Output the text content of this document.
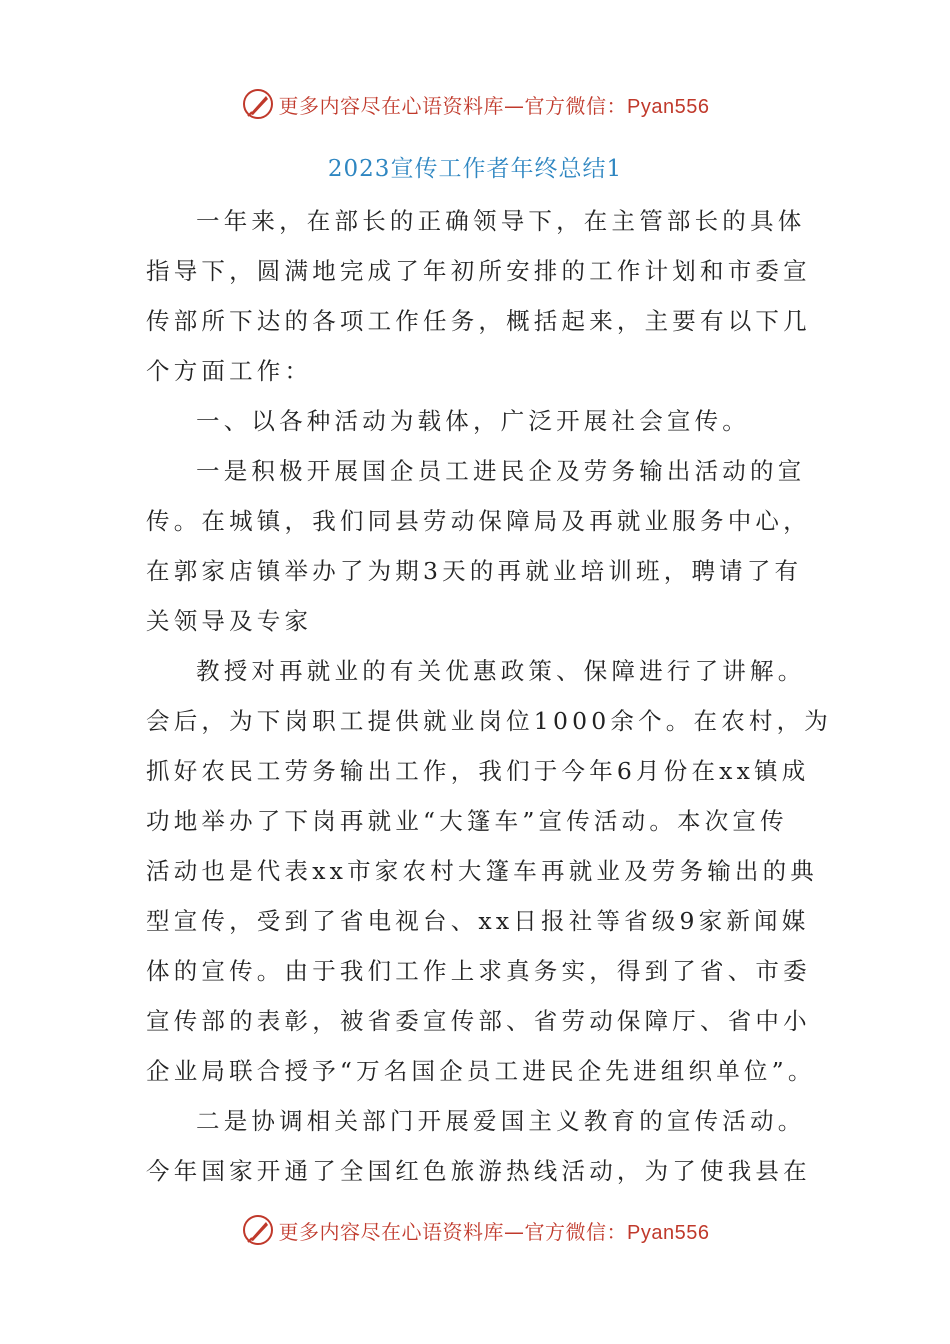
更多内容尽在心语资料库—官方微信：Pyan556
2023宣传工作者年终总结1
一年来，在部长的正确领导下，在主管部长的具体
指导下，圆满地完成了年初所安排的工作计划和市委宣
传部所下达的各项工作任务，概括起来，主要有以下几
个方面工作：
一、以各种活动为载体，广泛开展社会宣传。
一是积极开展国企员工进民企及劳务输出活动的宣
传。在城镇，我们同县劳动保障局及再就业服务中心，
在郭家店镇举办了为期3天的再就业培训班，聘请了有
关领导及专家
教授对再就业的有关优惠政策、保障进行了讲解。
会后，为下岗职工提供就业岗位1000余个。在农村，为
抓好农民工劳务输出工作，我们于今年6月份在xx镇成
功地举办了下岗再就业“大篷车”宣传活动。本次宣传
活动也是代表xx市家农村大篷车再就业及劳务输出的典
型宣传，受到了省电视台、xx日报社等省级9家新闻媒
体的宣传。由于我们工作上求真务实，得到了省、市委
宣传部的表彰，被省委宣传部、省劳动保障厅、省中小
企业局联合授予“万名国企员工进民企先进组织单位”。
二是协调相关部门开展爱国主义教育的宣传活动。
今年国家开通了全国红色旅游热线活动，为了使我县在
更多内容尽在心语资料库—官方微信：Pyan556
